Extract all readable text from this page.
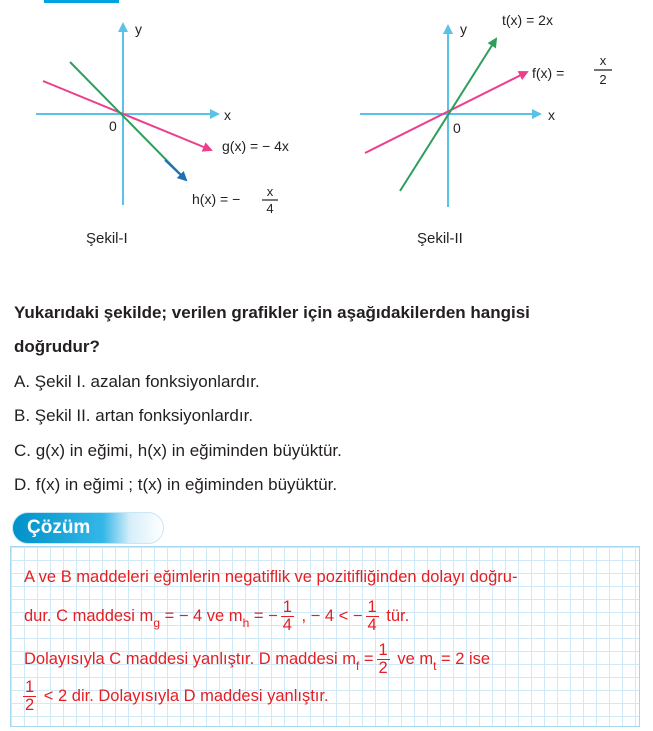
y
x
0
g(x) = − 4x
h(x) = − x
4
Şekil-I
y
x
0
t(x) = 2x
f(x) =
x
2
Şekil-II
Yukarıdaki şekilde; verilen grafikler için aşağıdakilerden hangisi
doğrudur?
A. Şekil I. azalan fonksiyonlardır.
B. Şekil II. artan fonksiyonlardır.
C. g(x) in eğimi, h(x) in eğiminden büyüktür.
D. f(x) in eğimi ; t(x) in eğiminden büyüktür.
Çözüm
A ve B maddeleri eğimlerin negatiflik ve pozitifliğinden dolayı doğru-
dur. C maddesi $m_g$ = − 4 ve $m_h$ = − $\frac{1}{4}$ , − 4 < − $\frac{1}{4}$ tür.
Dolayısıyla C maddesi yanlıştır. D maddesi $m_f = \frac{1}{2}$ ve $m_t = 2$ ise
$\frac{1}{2} < 2$ dir. Dolayısıyla D maddesi yanlıştır.
